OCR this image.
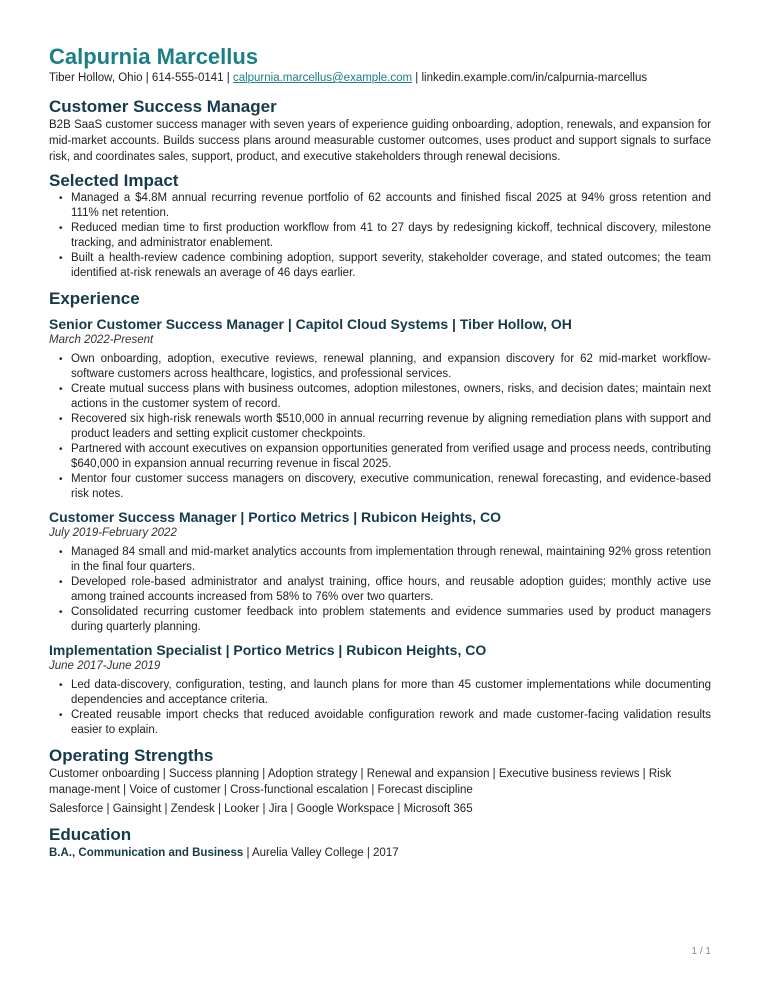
Calpurnia Marcellus
Tiber Hollow, Ohio | 614-555-0141 | calpurnia.marcellus@example.com | linkedin.example.com/in/calpurnia-marcellus
Customer Success Manager

B2B SaaS customer success manager with seven years of experience guiding onboarding, adoption, renewals, and expansion for mid-market accounts. Builds success plans around measurable customer outcomes, uses product and support signals to surface risk, and coordinates sales, support, product, and executive stakeholders through renewal decisions.

Selected Impact
• Managed a $4.8M annual recurring revenue portfolio of 62 accounts and finished fiscal 2025 at 94% gross retention and 111% net retention.
• Reduced median time to first production workflow from 41 to 27 days by redesigning kickoff, technical discovery, milestone tracking, and administrator enablement.
• Built a health-review cadence combining adoption, support severity, stakeholder coverage, and stated outcomes; the team identified at-risk renewals an average of 46 days earlier.
Experience
Senior Customer Success Manager | Capitol Cloud Systems | Tiber Hollow, OH
March 2022-Present
• Own onboarding, adoption, executive reviews, renewal planning, and expansion discovery for 62 mid-market workflow-software customers across healthcare, logistics, and professional services.
• Create mutual success plans with business outcomes, adoption milestones, owners, risks, and decision dates; maintain next actions in the customer system of record.
• Recovered six high-risk renewals worth $510,000 in annual recurring revenue by aligning remediation plans with support and product leaders and setting explicit customer checkpoints.
• Partnered with account executives on expansion opportunities generated from verified usage and process needs, contributing $640,000 in expansion annual recurring revenue in fiscal 2025.
• Mentor four customer success managers on discovery, executive communication, renewal forecasting, and evidence-based risk notes.
Customer Success Manager | Portico Metrics | Rubicon Heights, CO
July 2019-February 2022
• Managed 84 small and mid-market analytics accounts from implementation through renewal, maintaining 92% gross retention in the final four quarters.
• Developed role-based administrator and analyst training, office hours, and reusable adoption guides; monthly active use among trained accounts increased from 58% to 76% over two quarters.
• Consolidated recurring customer feedback into problem statements and evidence summaries used by product managers during quarterly planning.
Implementation Specialist | Portico Metrics | Rubicon Heights, CO
June 2017-June 2019
• Led data-discovery, configuration, testing, and launch plans for more than 45 customer implementations while documenting dependencies and acceptance criteria.
• Created reusable import checks that reduced avoidable configuration rework and made customer-facing validation results easier to explain.
Operating Strengths

Customer onboarding | Success planning | Adoption strategy | Renewal and expansion | Executive business reviews | Risk manage-ment | Voice of customer | Cross-functional escalation | Forecast discipline

Salesforce | Gainsight | Zendesk | Looker | Jira | Google Workspace | Microsoft 365

Education
B.A., Communication and Business | Aurelia Valley College | 2017
1 / 1
